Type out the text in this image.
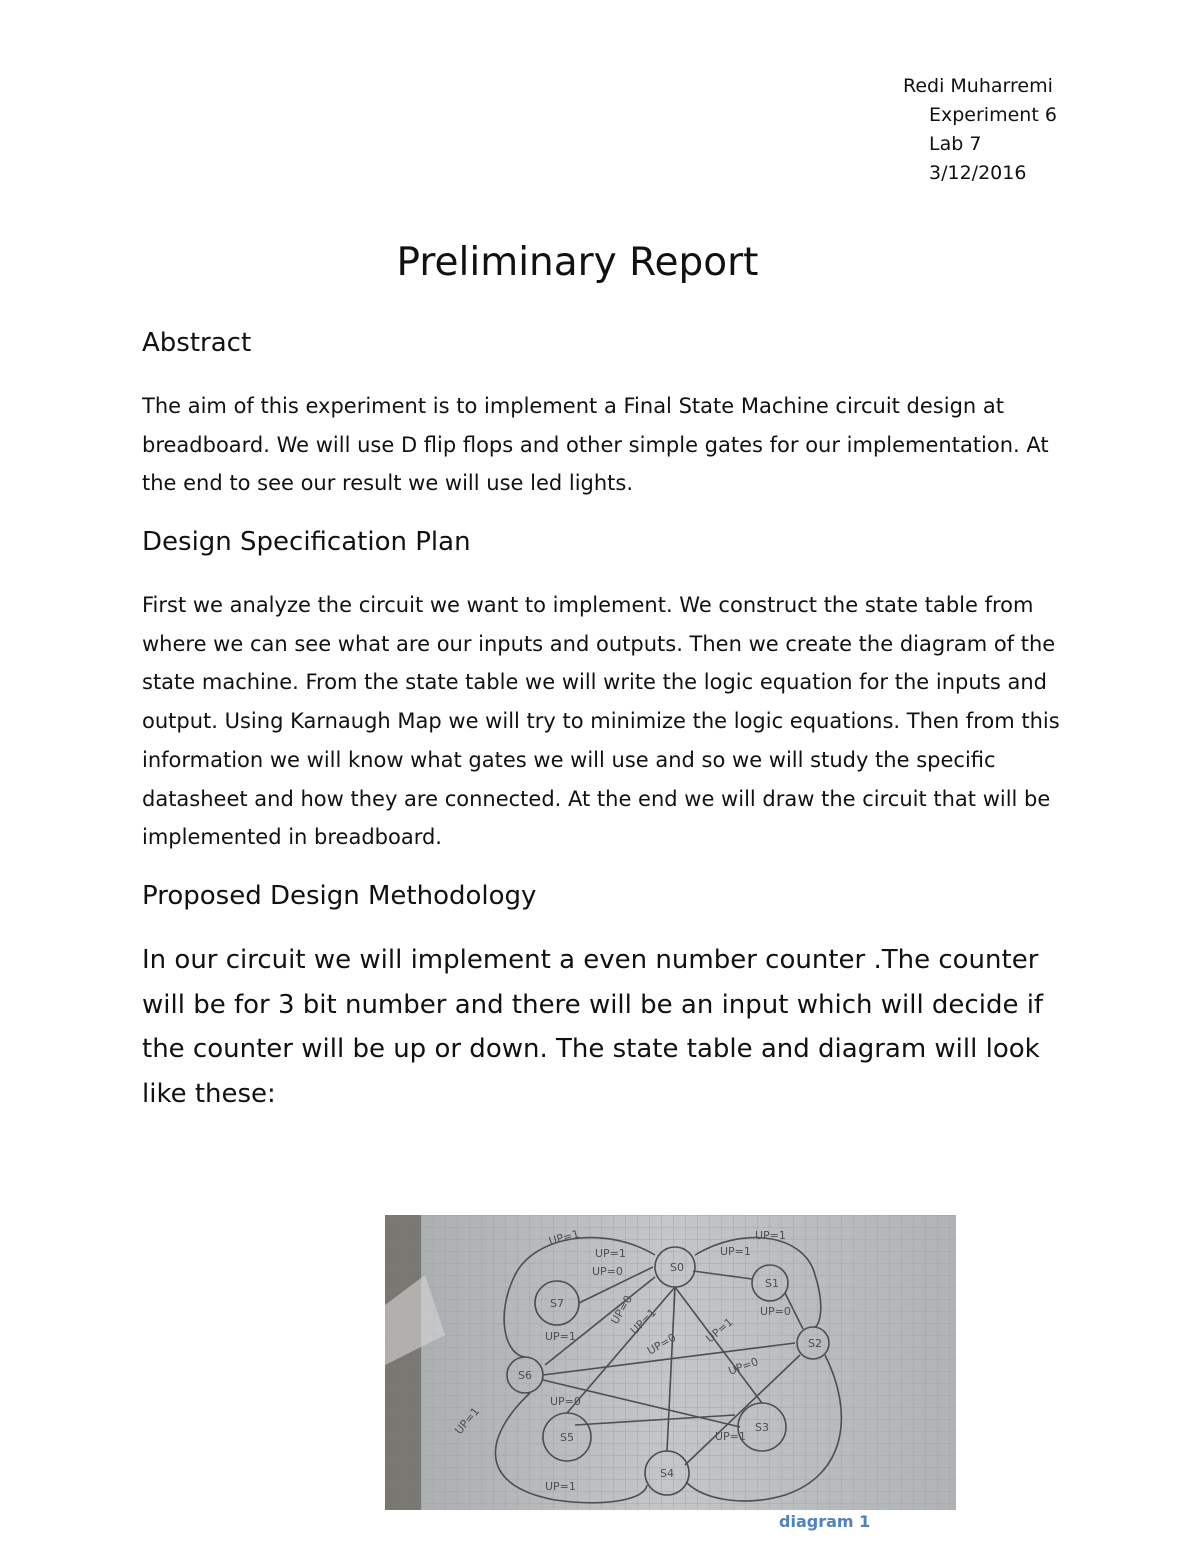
Redi Muharremi
Experiment 6
Lab 7
3/12/2016
Preliminary Report
Abstract

The aim of this experiment is to implement a Final State Machine circuit design at breadboard. We will use D flip flops and other simple gates for our implementation. At the end to see our result we will use led lights.

Design Specification Plan

First we analyze the circuit we want to implement. We construct the state table from where we can see what are our inputs and outputs. Then we create the diagram of the state machine. From the state table we will write the logic equation for the inputs and output. Using Karnaugh Map we will try to minimize the logic equations. Then from this information we will know what gates we will use and so we will study the specific datasheet and how they are connected. At the end we will draw the circuit that will be implemented in breadboard.

Proposed Design Methodology

In our circuit we will implement a even number counter .The counter will be for 3 bit number and there will be an input which will decide if the counter will be up or down. The state table and diagram will look like these:

S0
S1
S2
S3
S4
S5
S6
S7
UP=1
UP=1
UP=1
UP=1
UP=0
UP=0
UP=1
UP=0 UP=1
UP=0
UP=0
UP=1
UP=1
UP=1
UP=1
UP=0
diagram 1
